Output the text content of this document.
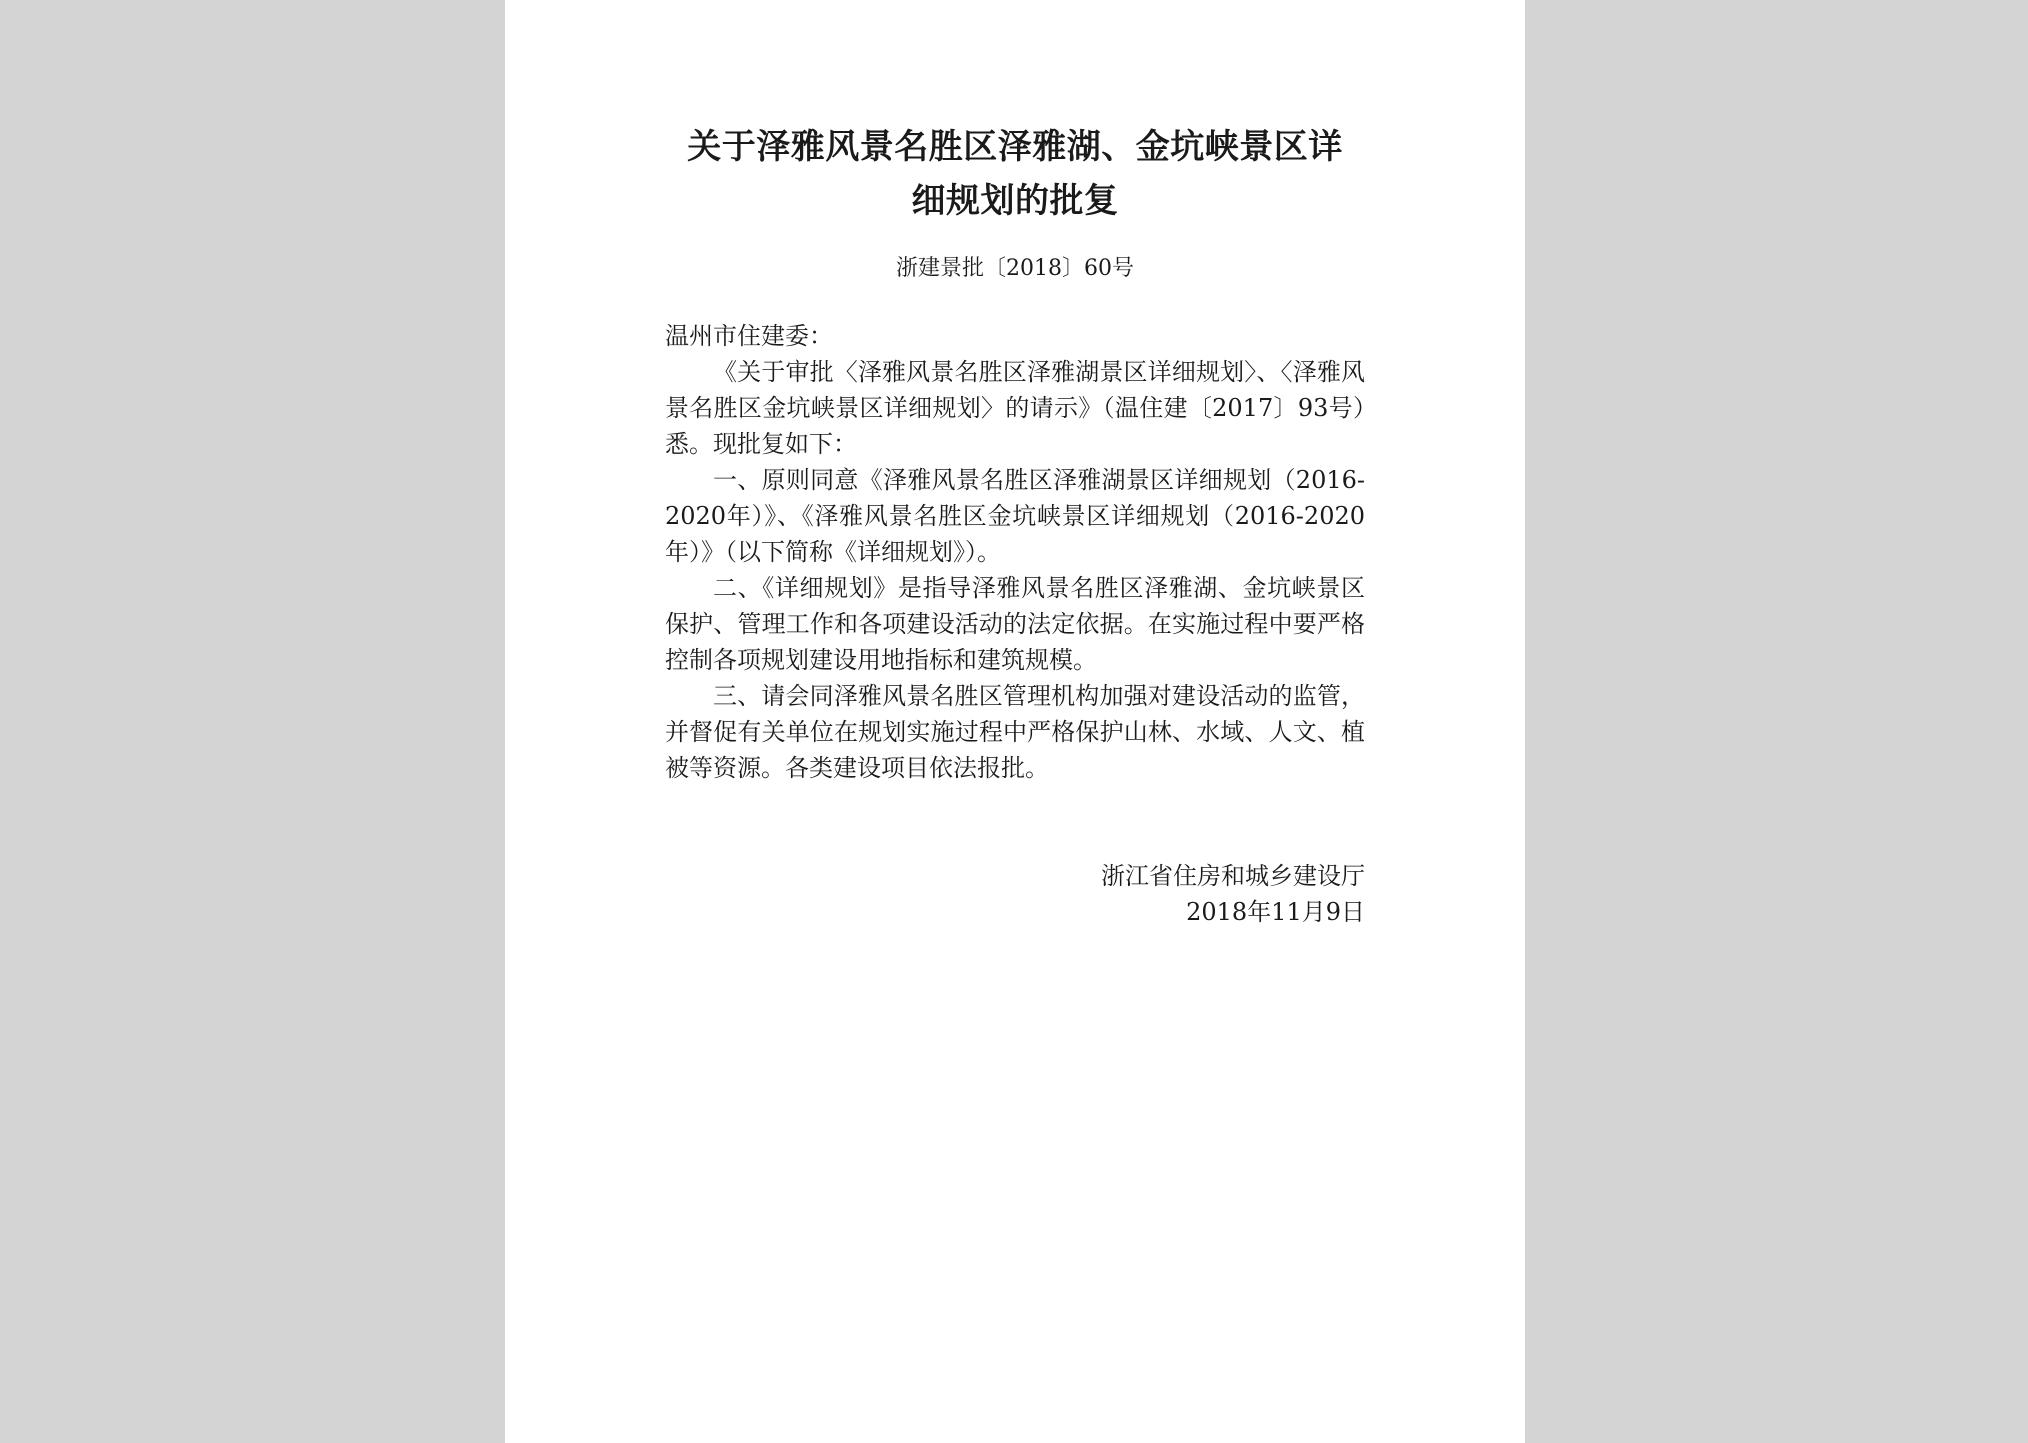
关于泽雅风景名胜区泽雅湖、金坑峡景区详
细规划的批复
浙建景批〔2018〕60号

温州市住建委：

《关于审批〈泽雅风景名胜区泽雅湖景区详细规划〉、〈泽雅风景名胜区金坑峡景区详细规划〉的请示》（温住建〔2017〕93号）悉。现批复如下：

一、原则同意《泽雅风景名胜区泽雅湖景区详细规划（2016-2020年）》、《泽雅风景名胜区金坑峡景区详细规划（2016-2020年）》（以下简称《详细规划》）。

二、《详细规划》是指导泽雅风景名胜区泽雅湖、金坑峡景区保护、管理工作和各项建设活动的法定依据。在实施过程中要严格控制各项规划建设用地指标和建筑规模。

三、请会同泽雅风景名胜区管理机构加强对建设活动的监管，并督促有关单位在规划实施过程中严格保护山林、水域、人文、植被等资源。各类建设项目依法报批。

浙江省住房和城乡建设厅
2018年11月9日
